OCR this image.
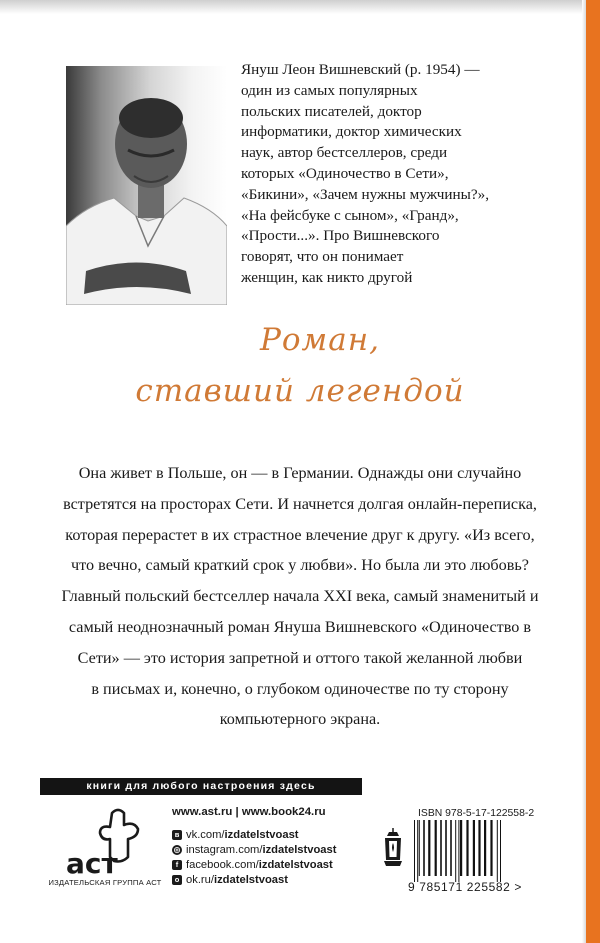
Януш Леон Вишневский (р. 1954) —
один из самых популярных
польских писателей, доктор
информатики, доктор химических
наук, автор бестселлеров, среди
которых «Одиночество в Сети»,
«Бикини», «Зачем нужны мужчины?»,
«На фейсбуке с сыном», «Гранд»,
«Прости...». Про Вишневского
говорят, что он понимает
женщин, как никто другой
Роман,
ставший легендой
Она живет в Польше, он — в Германии. Однажды они случайно
встретятся на просторах Сети. И начнется долгая онлайн-переписка,
которая перерастет в их страстное влечение друг к другу. «Из всего,
что вечно, самый краткий срок у любви». Но была ли это любовь?
Главный польский бестселлер начала XXI века, самый знаменитый и
самый неоднозначный роман Януша Вишневского «Одиночество в
Сети» — это история запретной и оттого такой желанной любви
в письмах и, конечно, о глубоком одиночестве по ту сторону
компьютерного экрана.
книги для любого настроения здесь
аст
ИЗДАТЕЛЬСКАЯ ГРУППА АСТ
www.ast.ru | www.book24.ru
в vk.com/ izdatelstvoast
◎ instagram.com/ izdatelstvoast
f facebook.com/ izdatelstvoast
о ok.ru/ izdatelstvoast
ISBN 978-5-17-122558-2
9 785171 225582 >
